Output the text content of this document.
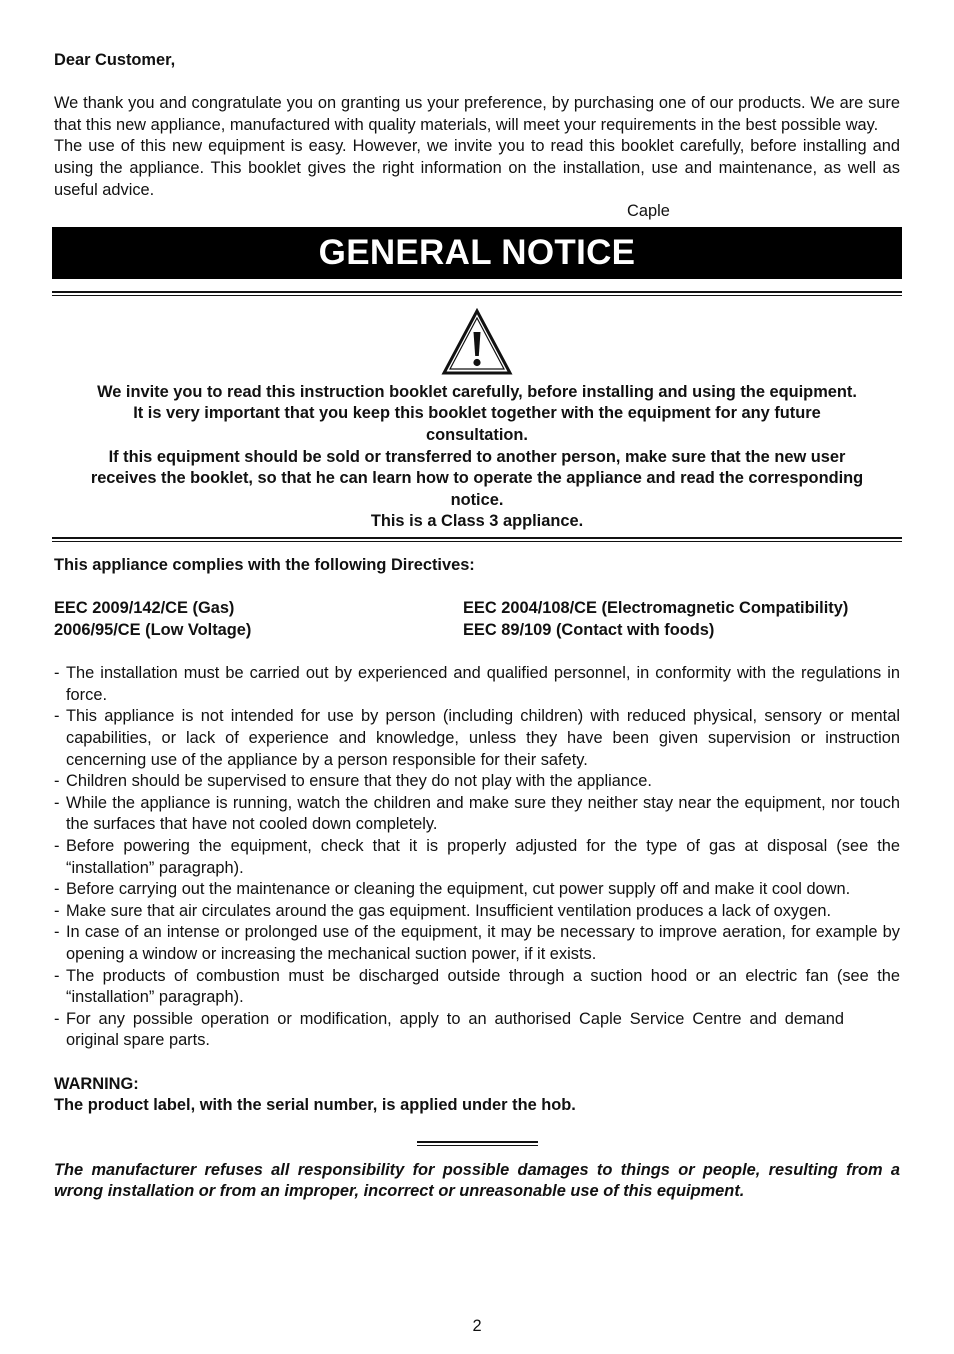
Dear Customer,

We thank you and congratulate you on granting us your preference, by purchasing one of our products. We are sure that this new appliance, manufactured with quality materials, will meet your requirements in the best possible way.

The use of this new equipment is easy. However, we invite you to read this booklet carefully, before installing and using the appliance. This booklet gives the right information on the installation, use and maintenance, as well as useful advice.

Caple

GENERAL NOTICE

We invite you to read this instruction booklet carefully, before installing and using the equipment.

It is very important that you keep this booklet together with the equipment for any future consultation.

If this equipment should be sold or transferred to another person, make sure that the new user receives the booklet, so that he can learn how to operate the appliance and read the corresponding notice.

This is a Class 3 appliance.

This appliance complies with the following Directives:

EEC 2009/142/CE (Gas)	EEC 2004/108/CE (Electromagnetic Compatibility)
2006/95/CE (Low Voltage)	EEC 89/109 (Contact with foods)
- The installation must be carried out by experienced and qualified personnel, in conformity with the regulations in force.
- This appliance is not intended for use by person (including children) with reduced physical, sensory or mental capabilities, or lack of experience and knowledge, unless they have been given supervision or instruction cencerning use of the appliance by a person responsible for their safety.
- Children should be supervised to ensure that they do not play with the appliance.
- While the appliance is running, watch the children and make sure they neither stay near the equipment, nor touch the surfaces that have not cooled down completely.
- Before powering the equipment, check that it is properly adjusted for the type of gas at disposal (see the “installation” paragraph).
- Before carrying out the maintenance or cleaning the equipment, cut power supply off and make it cool down.
- Make sure that air circulates around the gas equipment. Insufficient ventilation produces a lack of oxygen.
- In case of an intense or prolonged use of the equipment, it may be necessary to improve aeration, for example by opening a window or increasing the mechanical suction power, if it exists.
- The products of combustion must be discharged outside through a suction hood or an electric fan (see the “installation” paragraph).
- For any possible operation or modification, apply to an authorised Caple Service Centre and demand original spare parts.

WARNING:

The product label, with the serial number, is applied under the hob.

The manufacturer refuses all responsibility for possible damages to things or people, resulting from a wrong installation or from an improper, incorrect or unreasonable use of this equipment.

2
